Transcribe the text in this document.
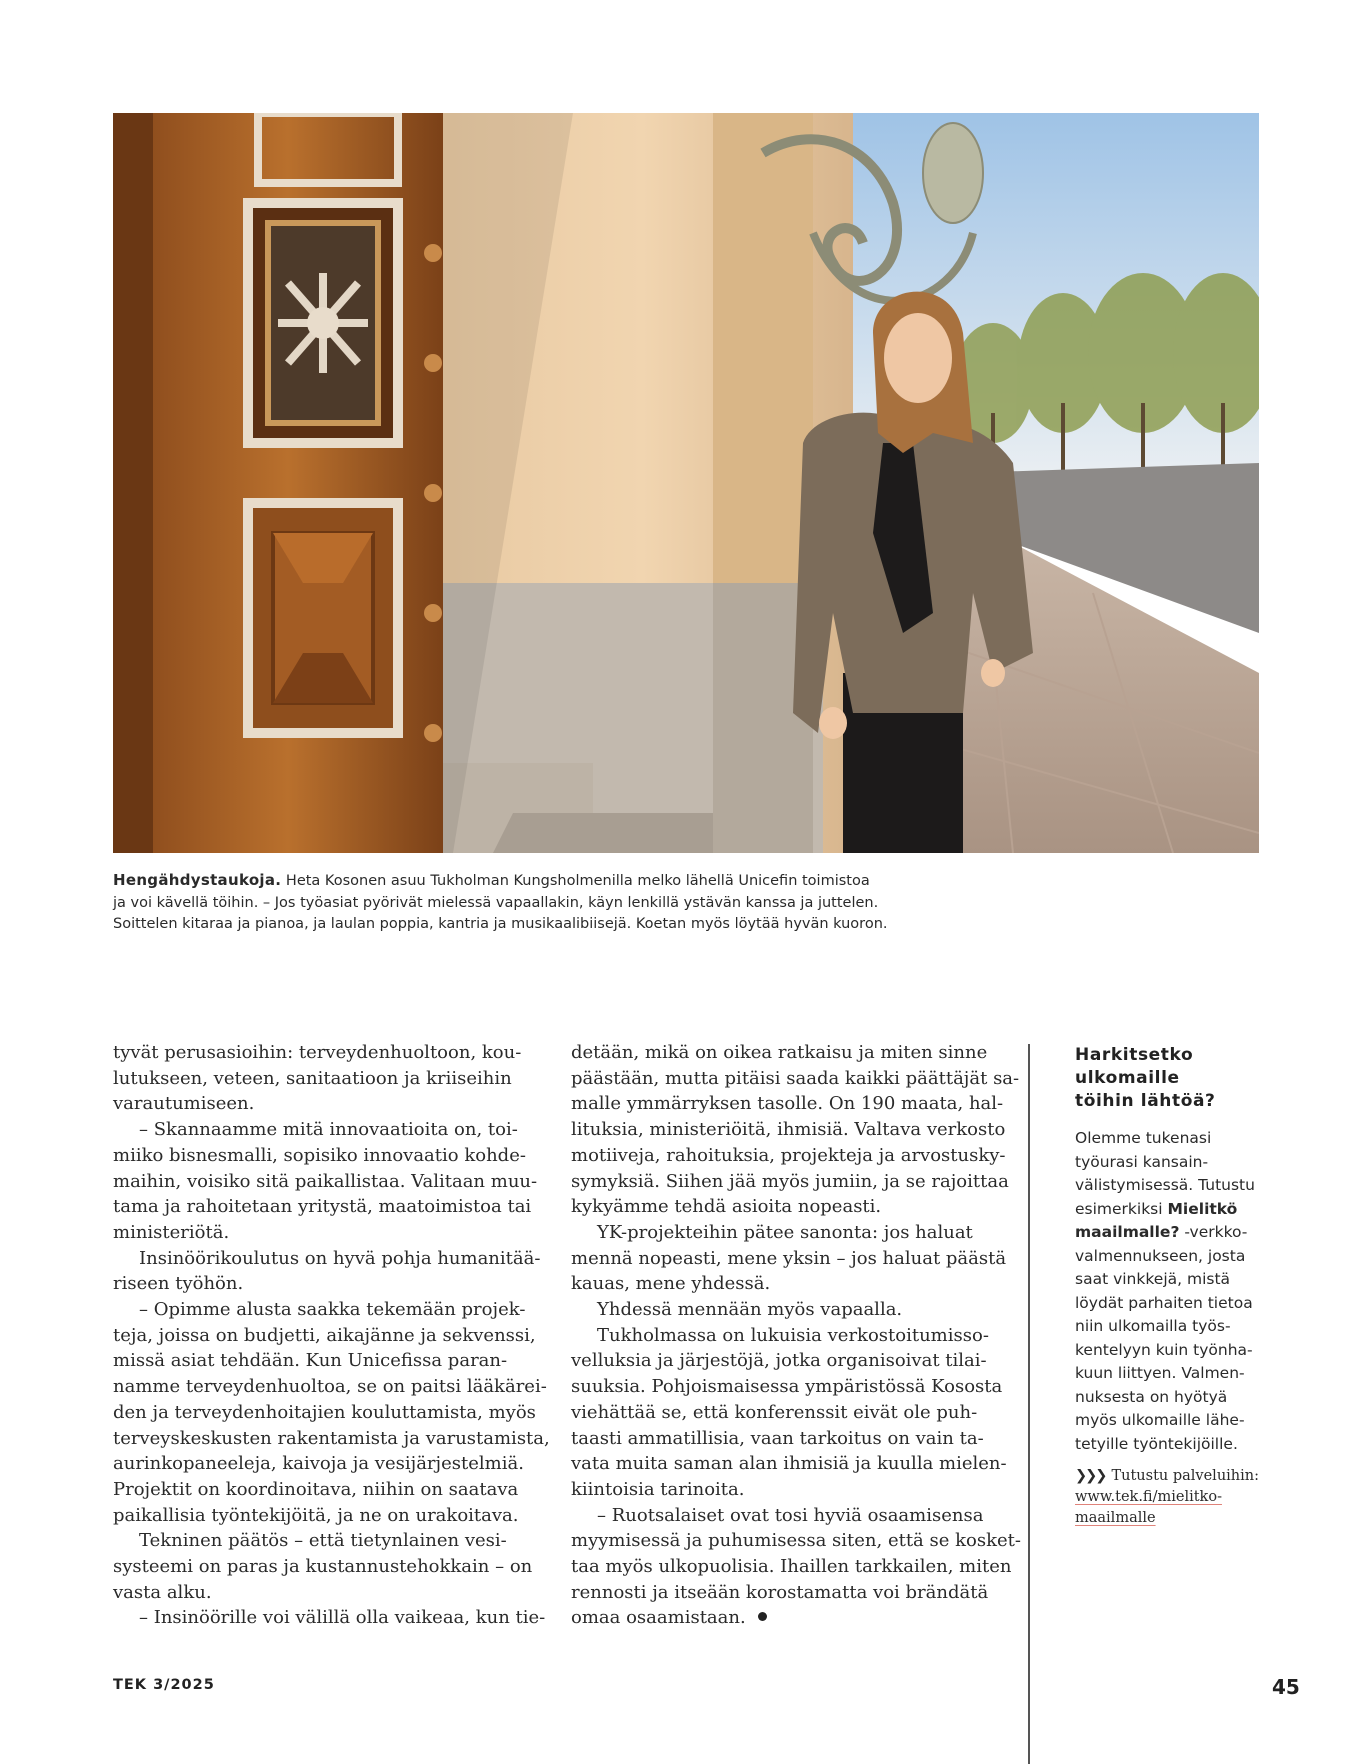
Hengähdystaukoja. Heta Kosonen asuu Tukholman Kungsholmenilla melko lähellä Unicefin toimistoa
ja voi kävellä töihin. – Jos työasiat pyörivät mielessä vapaallakin, käyn lenkillä ystävän kanssa ja juttelen.
Soittelen kitaraa ja pianoa, ja laulan poppia, kantria ja musikaalibiisejä. Koetan myös löytää hyvän kuoron.

tyvät perusasioihin: terveydenhuoltoon, kou-
lutukseen, veteen, sanitaatioon ja kriiseihin
varautumiseen.

– Skannaamme mitä innovaatioita on, toi-
miiko bisnesmalli, sopisiko innovaatio kohde-
maihin, voisiko sitä paikallistaa. Valitaan muu-
tama ja rahoitetaan yritystä, maatoimistoa tai
ministeriötä.

Insinöörikoulutus on hyvä pohja humanitää-
riseen työhön.

– Opimme alusta saakka tekemään projek-
teja, joissa on budjetti, aikajänne ja sekvenssi,
missä asiat tehdään. Kun Unicefissa paran-
namme terveydenhuoltoa, se on paitsi lääkärei-
den ja terveydenhoitajien kouluttamista, myös
terveyskeskusten rakentamista ja varustamista,
aurinkopaneeleja, kaivoja ja vesijärjestelmiä.
Projektit on koordinoitava, niihin on saatava
paikallisia työntekijöitä, ja ne on urakoitava.

Tekninen päätös – että tietynlainen vesi-
systeemi on paras ja kustannustehokkain – on
vasta alku.

– Insinöörille voi välillä olla vaikeaa, kun tie-

detään, mikä on oikea ratkaisu ja miten sinne
päästään, mutta pitäisi saada kaikki päättäjät sa-
malle ymmärryksen tasolle. On 190 maata, hal-
lituksia, ministeriöitä, ihmisiä. Valtava verkosto
motiiveja, rahoituksia, projekteja ja arvostusky-
symyksiä. Siihen jää myös jumiin, ja se rajoittaa
kykyämme tehdä asioita nopeasti.

YK-projekteihin pätee sanonta: jos haluat
mennä nopeasti, mene yksin – jos haluat päästä
kauas, mene yhdessä.

Yhdessä mennään myös vapaalla.

Tukholmassa on lukuisia verkostoitumisso-
velluksia ja järjestöjä, jotka organisoivat tilai-
suuksia. Pohjoismaisessa ympäristössä Kososta
viehättää se, että konferenssit eivät ole puh-
taasti ammatillisia, vaan tarkoitus on vain ta-
vata muita saman alan ihmisiä ja kuulla mielen-
kiintoisia tarinoita.

– Ruotsalaiset ovat tosi hyviä osaamisensa
myymisessä ja puhumisessa siten, että se kosket-
taa myös ulkopuolisia. Ihaillen tarkkailen, miten
rennosti ja itseään korostamatta voi brändätä
omaa osaamistaan.

Harkitsetko
ulkomaille
töihin lähtöä?

Olemme tukenasi
työurasi kansain-
välistymisessä. Tutustu
esimerkiksi Mielitkö
maailmalle? -verkko-
valmennukseen, josta
saat vinkkejä, mistä
löydät parhaiten tietoa
niin ulkomailla työs-
kentelyyn kuin työnha-
kuun liittyen. Valmen-
nuksesta on hyötyä
myös ulkomaille lähe-
tetyille työntekijöille.

❯❯❯ Tutustu palveluihin:
www.tek.fi/mielitko-
maailmalle
TEK 3/2025	45
